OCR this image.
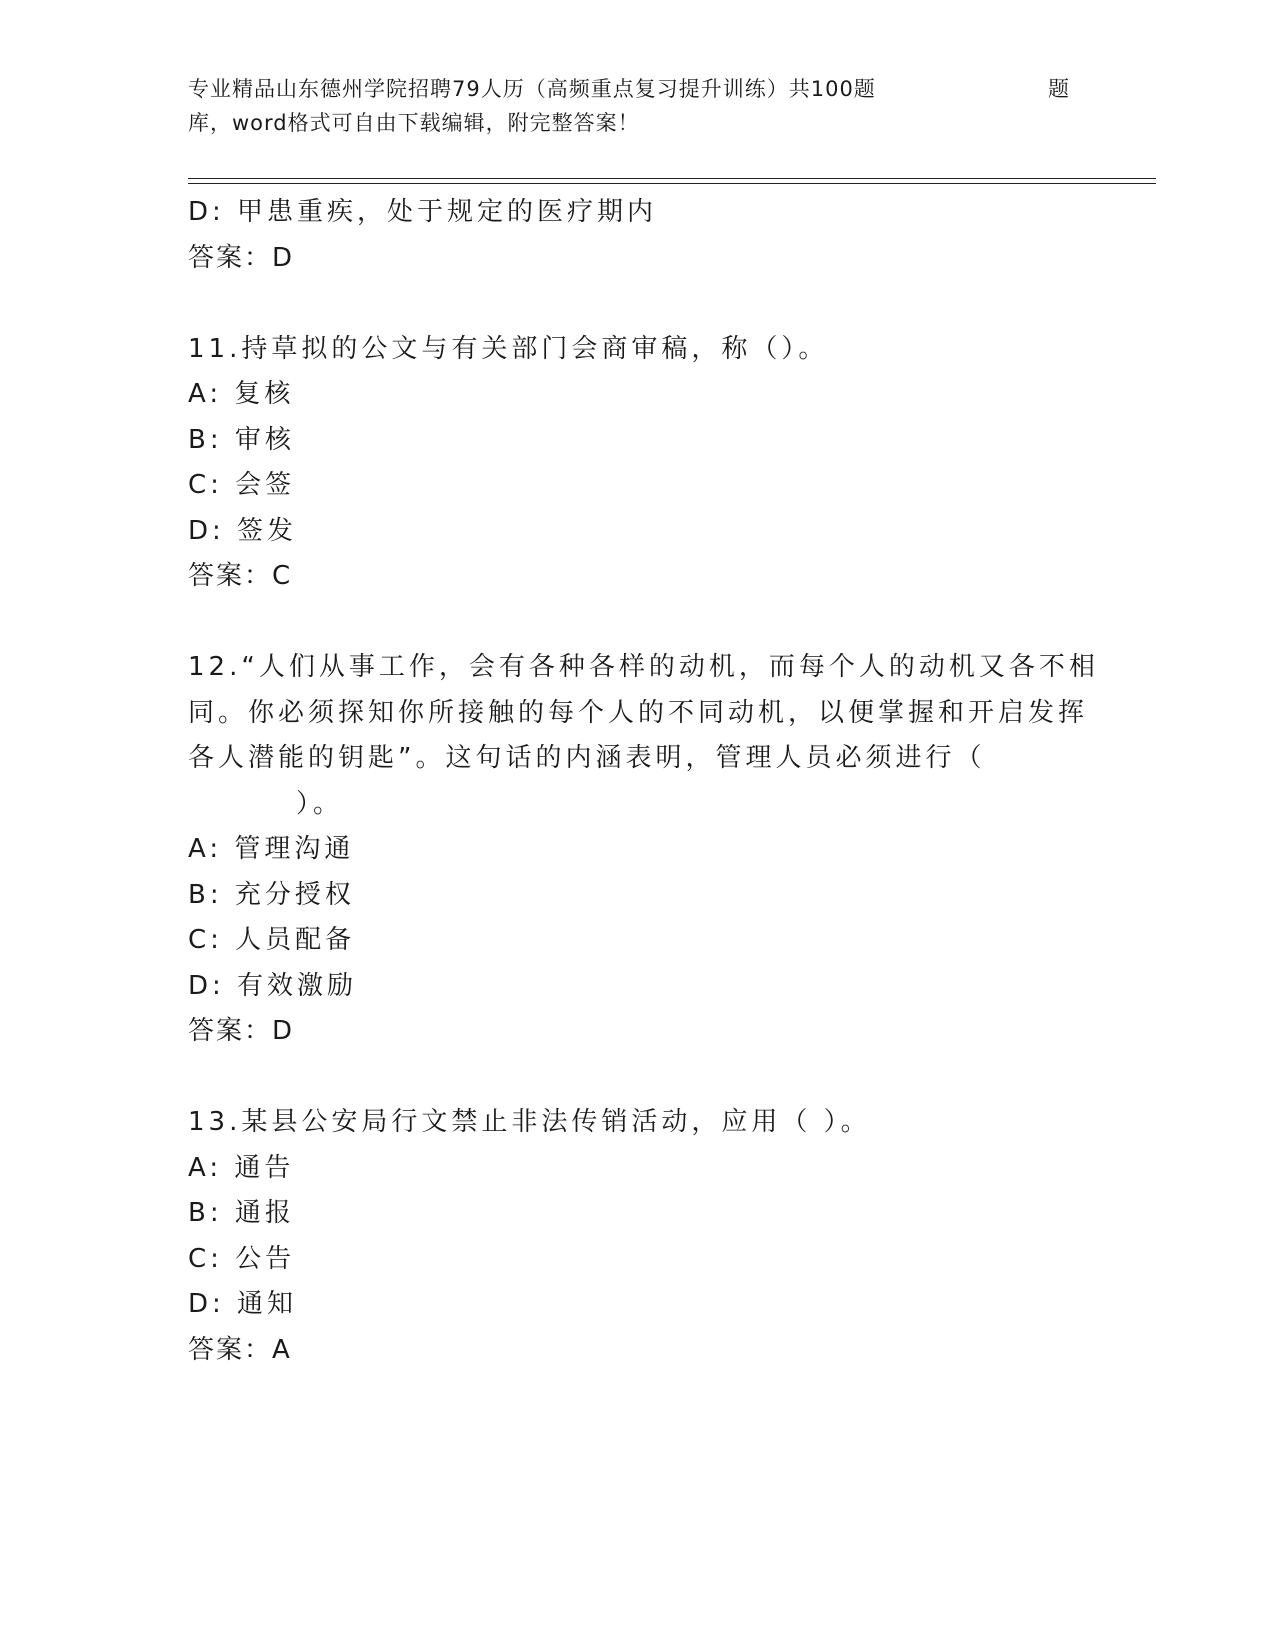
专业精品山东德州学院招聘79人历（高频重点复习提升训练）共100题	题
库，word格式可自由下载编辑，附完整答案！
D: 甲患重疾，处于规定的医疗期内
答案：D
11.持草拟的公文与有关部门会商审稿，称（）。
A: 复核
B: 审核
C: 会签
D: 签发
答案：C
12.“人们从事工作，会有各种各样的动机，而每个人的动机又各不相
同。你必须探知你所接触的每个人的不同动机，以便掌握和开启发挥
各人潜能的钥匙”。这句话的内涵表明，管理人员必须进行（
）。
A: 管理沟通
B: 充分授权
C: 人员配备
D: 有效激励
答案：D
13.某县公安局行文禁止非法传销活动，应用（ ）。
A: 通告
B: 通报
C: 公告
D: 通知
答案：A
